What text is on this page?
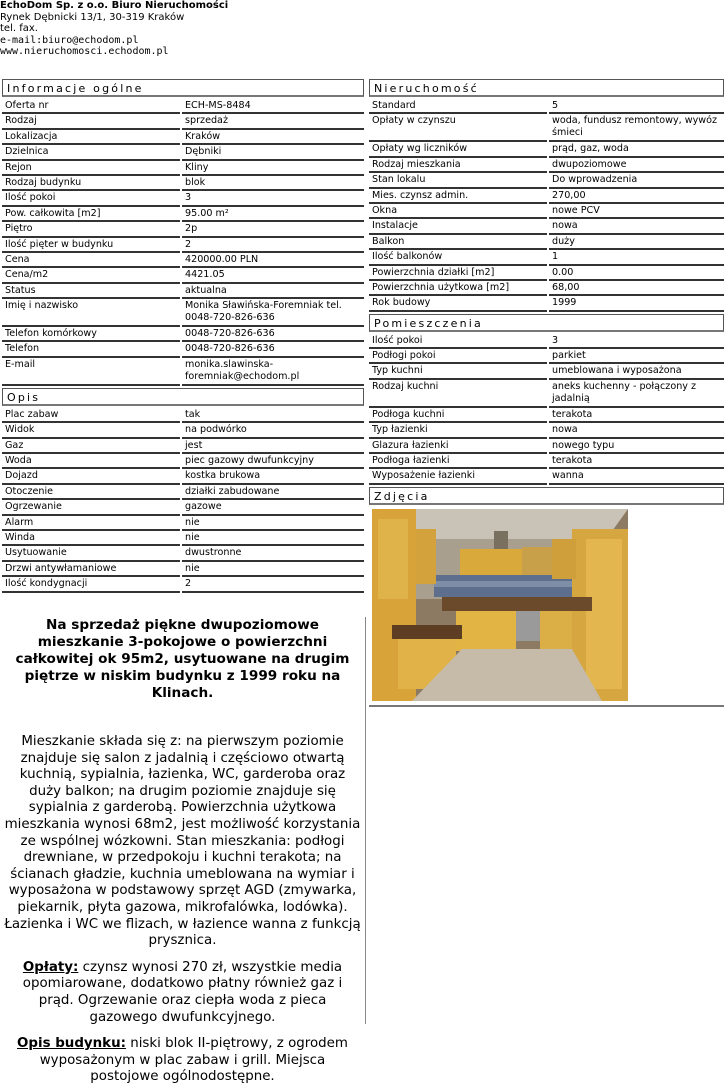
EchoDom Sp. z o.o. Biuro Nieruchomości
Rynek Dębnicki 13/1, 30-319 Kraków
tel. fax.
e-mail:biuro@echodom.pl
www.nieruchomosci.echodom.pl
Informacje ogólne
Oferta nr	ECH-MS-8484
Rodzaj	sprzedaż
Lokalizacja	Kraków
Dzielnica	Dębniki
Rejon	Kliny
Rodzaj budynku	blok
Ilość pokoi	3
Pow. całkowita [m2]	95.00 m²
Piętro	2p
Ilość pięter w budynku	2
Cena	420000.00 PLN
Cena/m2	4421.05
Status	aktualna
Imię i nazwisko	Monika Sławińska-Foremniak tel. 0048-720-826-636
Telefon komórkowy	0048-720-826-636
Telefon	0048-720-826-636
E-mail	monika.slawinska-foremniak@echodom.pl
Opis
Plac zabaw	tak
Widok	na podwórko
Gaz	jest
Woda	piec gazowy dwufunkcyjny
Dojazd	kostka brukowa
Otoczenie	działki zabudowane
Ogrzewanie	gazowe
Alarm	nie
Winda	nie
Usytuowanie	dwustronne
Drzwi antywłamaniowe	nie
Ilość kondygnacji	2
Nieruchomość
Standard	5
Opłaty w czynszu	woda, fundusz remontowy, wywóz śmieci
Opłaty wg liczników	prąd, gaz, woda
Rodzaj mieszkania	dwupoziomowe
Stan lokalu	Do wprowadzenia
Mies. czynsz admin.	270,00
Okna	nowe PCV
Instalacje	nowa
Balkon	duży
Ilość balkonów	1
Powierzchnia działki [m2]	0.00
Powierzchnia użytkowa [m2]	68,00
Rok budowy	1999
Pomieszczenia
Ilość pokoi	3
Podłogi pokoi	parkiet
Typ kuchni	umeblowana i wyposażona
Rodzaj kuchni	aneks kuchenny - połączony z jadalnią
Podłoga kuchni	terakota
Typ łazienki	nowa
Glazura łazienki	nowego typu
Podłoga łazienki	terakota
Wyposażenie łazienki	wanna
Zdjęcia

Na sprzedaż piękne dwupoziomowe mieszkanie 3-pokojowe o powierzchni całkowitej ok 95m2, usytuowane na drugim piętrze w niskim budynku z 1999 roku na Klinach.

Mieszkanie składa się z: na pierwszym poziomie znajduje się salon z jadalnią i częściowo otwartą kuchnią, sypialnia, łazienka, WC, garderoba oraz duży balkon; na drugim poziomie znajduje się sypialnia z garderobą. Powierzchnia użytkowa mieszkania wynosi 68m2, jest możliwość korzystania ze wspólnej wózkowni. Stan mieszkania: podłogi drewniane, w przedpokoju i kuchni terakota; na ścianach gładzie, kuchnia umeblowana na wymiar i wyposażona w podstawowy sprzęt AGD (zmywarka, piekarnik, płyta gazowa, mikrofalówka, lodówka). Łazienka i WC we flizach, w łazience wanna z funkcją prysznica.

Opłaty: czynsz wynosi 270 zł, wszystkie media opomiarowane, dodatkowo płatny również gaz i prąd. Ogrzewanie oraz ciepła woda z pieca gazowego dwufunkcyjnego.

Opis budynku: niski blok II-piętrowy, z ogrodem wyposażonym w plac zabaw i grill. Miejsca postojowe ogólnodostępne.
